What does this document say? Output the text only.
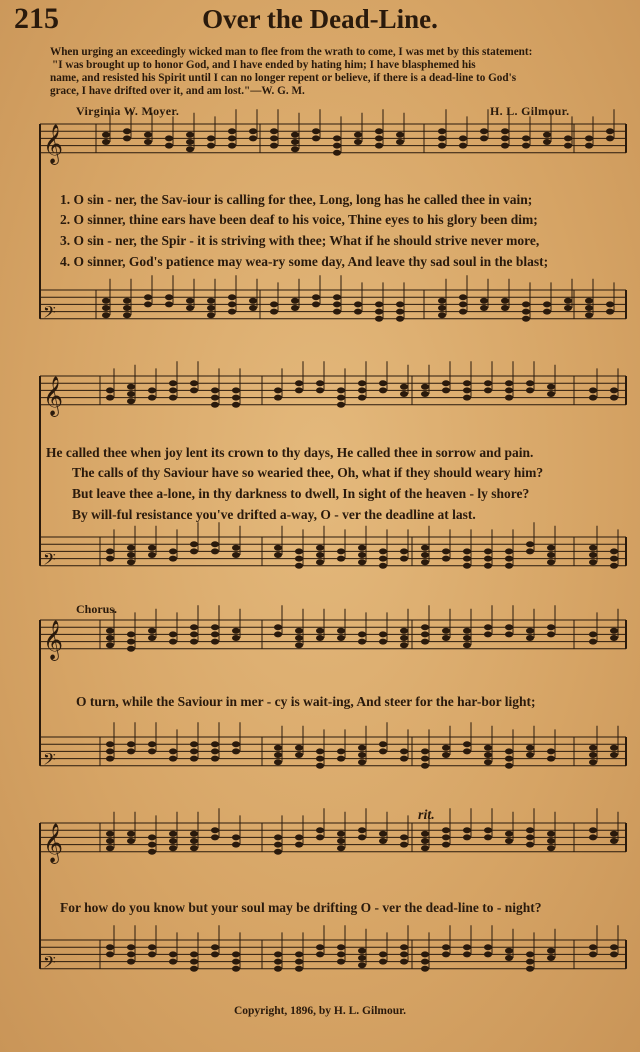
215	Over the Dead-Line.
When urging an exceedingly wicked man to flee from the wrath to come, I was met by this statement:
"I was brought up to honor God, and I have ended by hating him; I have blasphemed his
name, and resisted his Spirit until I can no longer repent or believe, if there is a dead-line to God's
grace, I have drifted over it, and am lost."—W. G. M.
Virginia W. Moyer.	H. L. Gilmour.
𝄞
𝄢
𝄞
𝄢
𝄞
𝄢
𝄞
𝄢
1. O sin - ner, the Sav-iour is calling for thee, Long, long has he called thee in vain;
2. O sinner, thine ears have been deaf to his voice, Thine eyes to his glory been dim;
3. O sin - ner, the Spir - it is striving with thee; What if he should strive never more,
4. O sinner, God's patience may wea-ry some day, And leave thy sad soul in the blast;
He called thee when joy lent its crown to thy days, He called thee in sorrow and pain.
The calls of thy Saviour have so wearied thee, Oh, what if they should weary him?
But leave thee a-lone, in thy darkness to dwell, In sight of the heaven - ly shore?
By will-ful resistance you've drifted a-way, O - ver the deadline at last.
Chorus.
O turn, while the Saviour in mer - cy is wait-ing, And steer for the har-bor light;
rit.
For how do you know but your soul may be drifting O - ver the dead-line to - night?
Copyright, 1896, by H. L. Gilmour.
